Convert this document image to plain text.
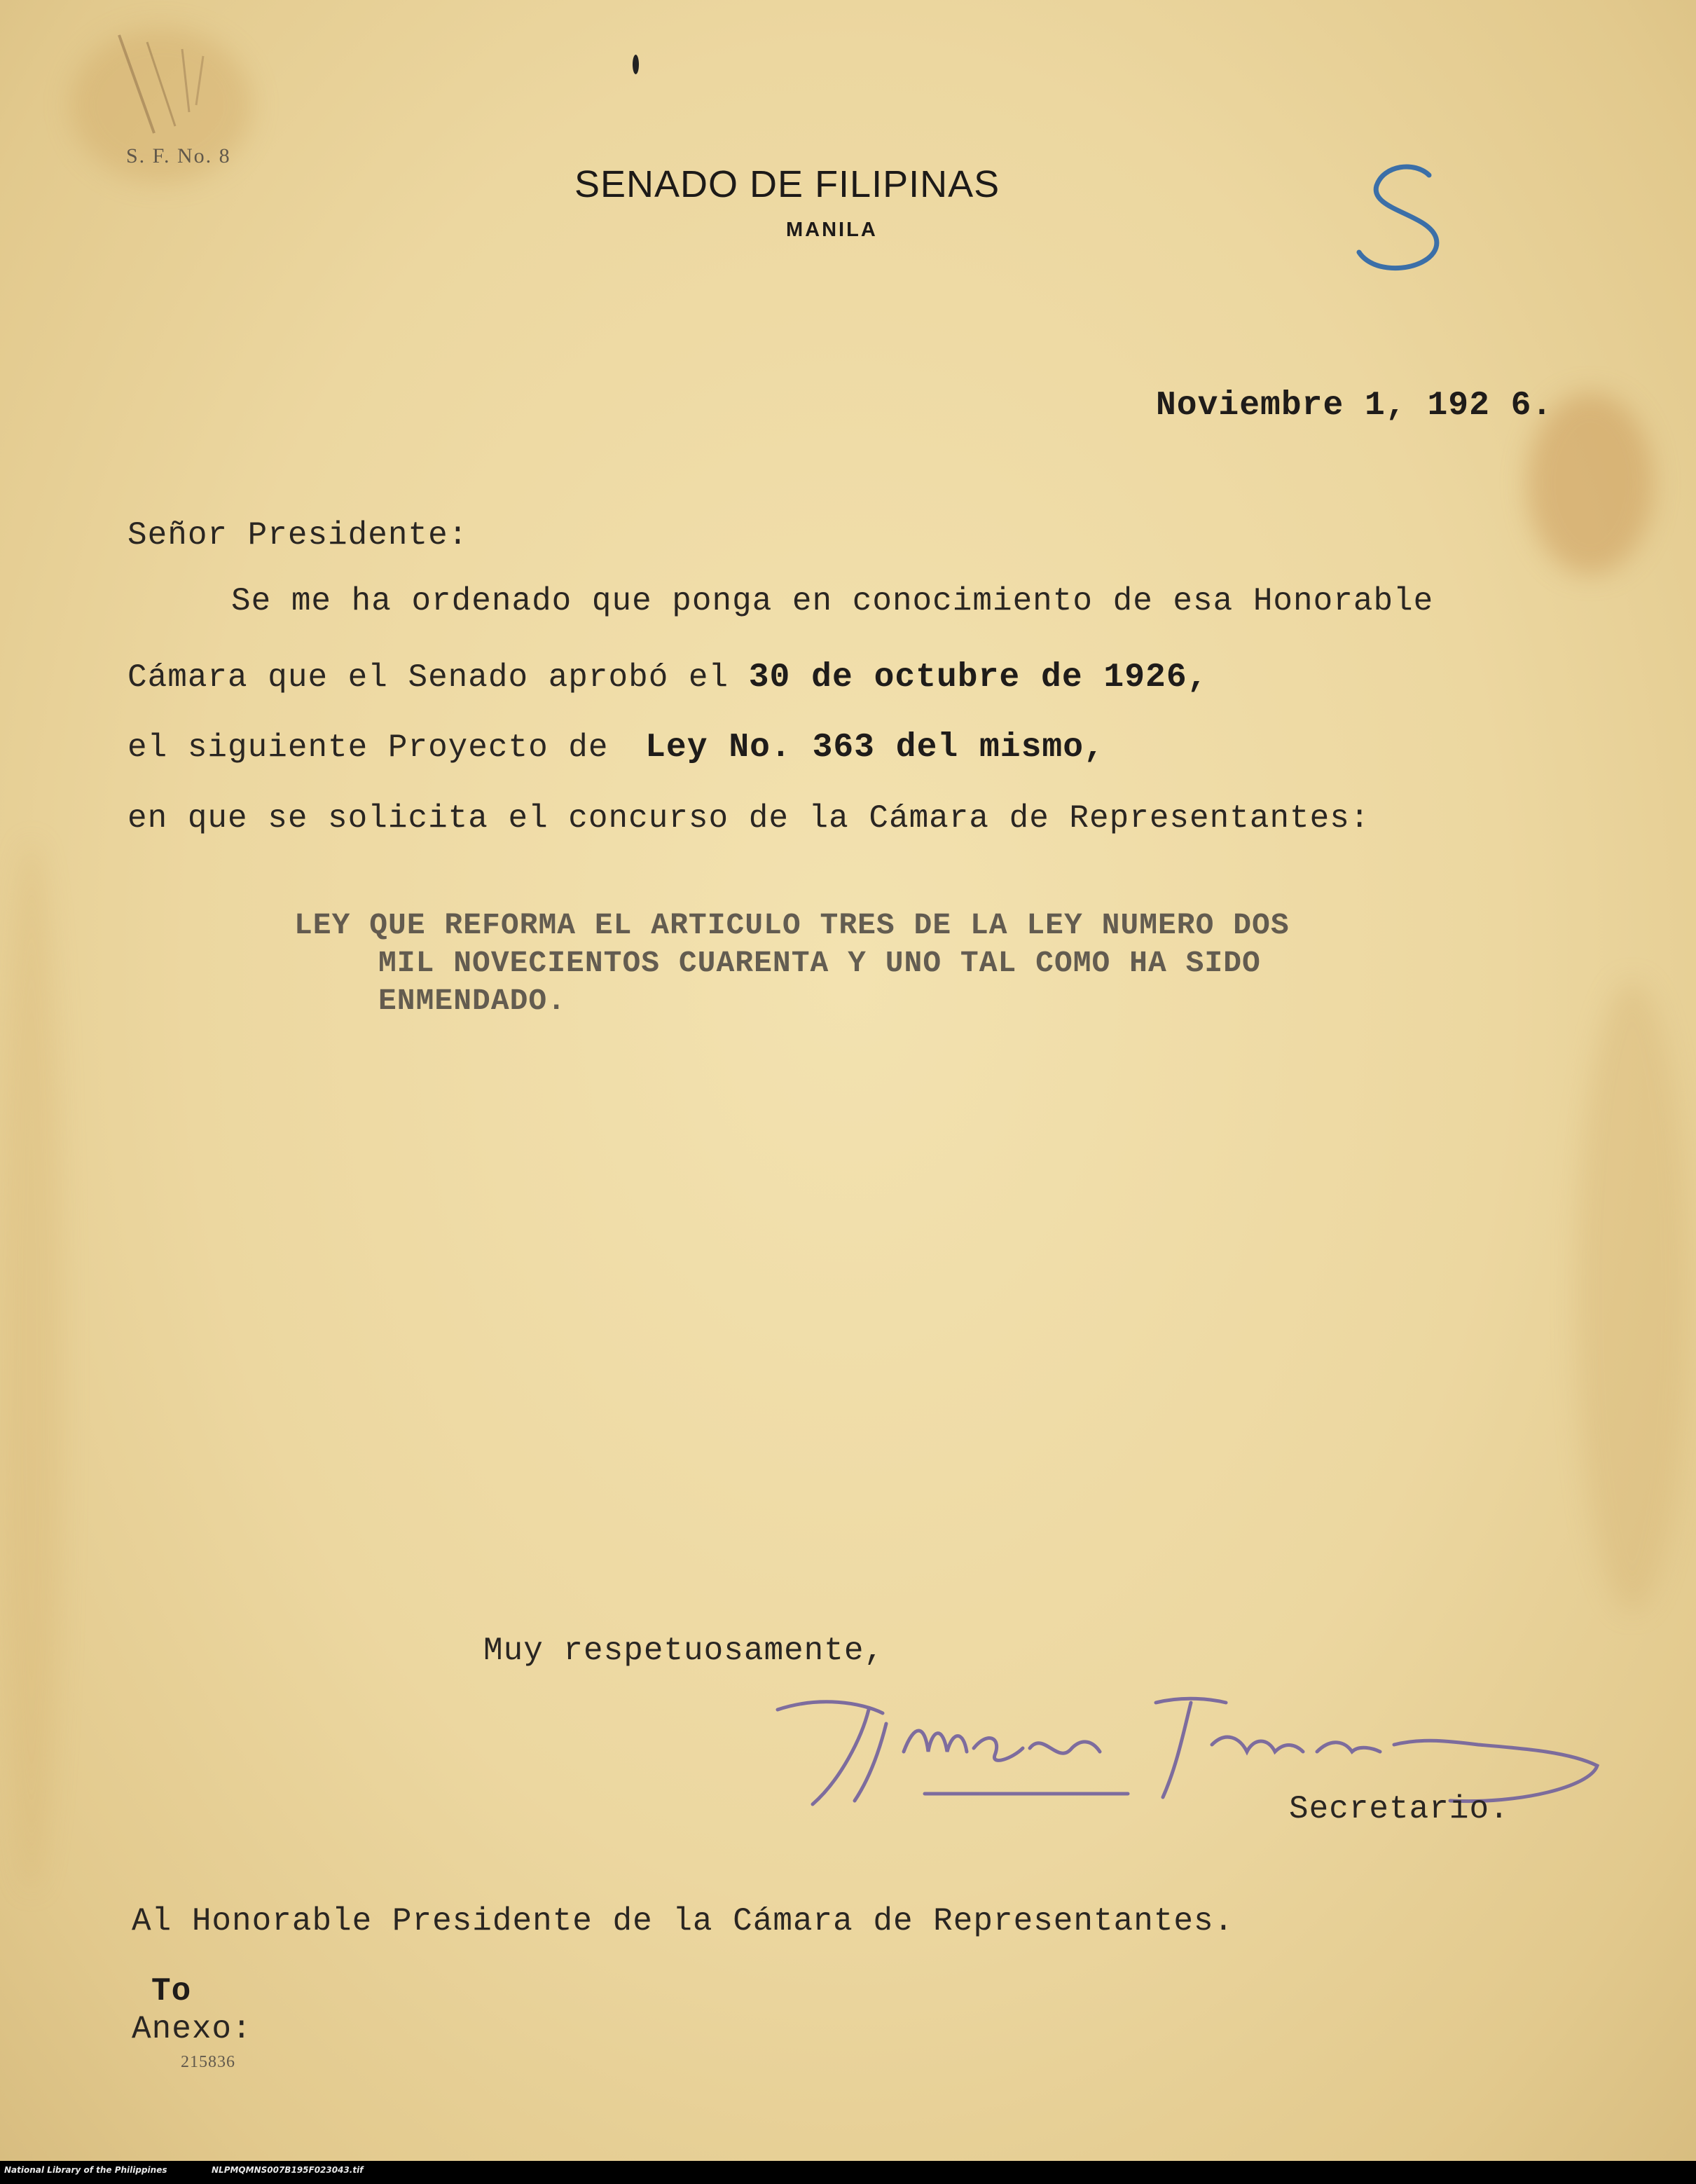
S. F. No. 8
SENADO DE FILIPINAS
MANILA
S
Noviembre 1, 192 6.
Señor Presidente:
Se me ha ordenado que ponga en conocimiento de esa Honorable
Cámara que el Senado aprobó el 30 de octubre de 1926,
el siguiente Proyecto de Ley No. 363 del mismo,
en que se solicita el concurso de la Cámara de Representantes:
LEY QUE REFORMA EL ARTICULO TRES DE LA LEY NUMERO DOS
MIL NOVECIENTOS CUARENTA Y UNO TAL COMO HA SIDO
ENMENDADO.
Muy respetuosamente,
Secretario.
Al Honorable Presidente de la Cámara de Representantes.
To
Anexo:
215836
National Library of the Philippines	NLPMQMNS007B195F023043.tif
